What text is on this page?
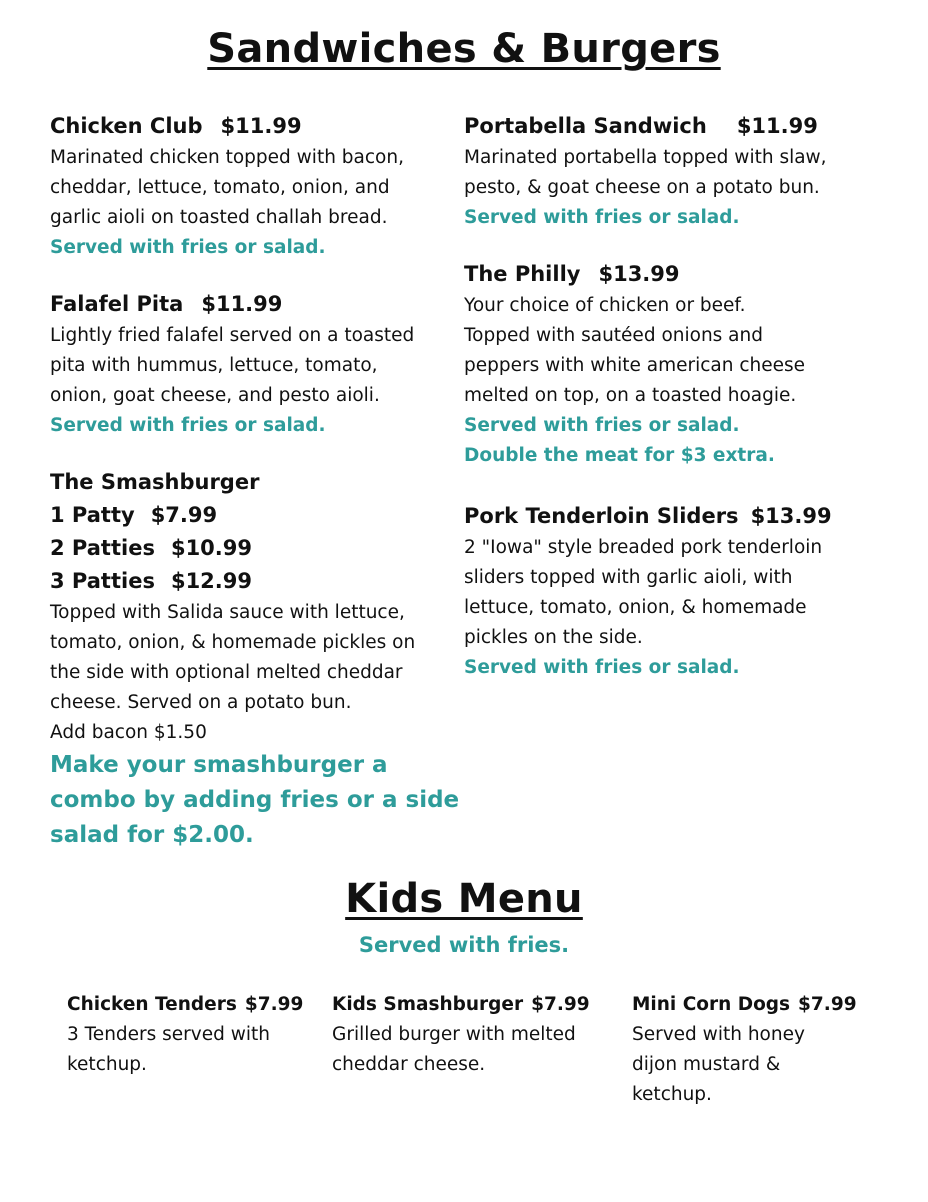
Sandwiches & Burgers
Chicken Club $11.99
Marinated chicken topped with bacon,
cheddar, lettuce, tomato, onion, and
garlic aioli on toasted challah bread.
Served with fries or salad.
Falafel Pita $11.99
Lightly fried falafel served on a toasted
pita with hummus, lettuce, tomato,
onion, goat cheese, and pesto aioli.
Served with fries or salad.
The Smashburger
1 Patty $7.99
2 Patties $10.99
3 Patties $12.99
Topped with Salida sauce with lettuce,
tomato, onion, & homemade pickles on
the side with optional melted cheddar
cheese. Served on a potato bun.
Add bacon $1.50
Make your smashburger a
combo by adding fries or a side
salad for $2.00.
Portabella Sandwich $11.99
Marinated portabella topped with slaw,
pesto, & goat cheese on a potato bun.
Served with fries or salad.
The Philly $13.99
Your choice of chicken or beef.
Topped with sautéed onions and
peppers with white american cheese
melted on top, on a toasted hoagie.
Served with fries or salad.
Double the meat for $3 extra.
Pork Tenderloin Sliders $13.99
2 "Iowa" style breaded pork tenderloin
sliders topped with garlic aioli, with
lettuce, tomato, onion, & homemade
pickles on the side.
Served with fries or salad.
Kids Menu
Served with fries.
Chicken Tenders $7.99
3 Tenders served with
ketchup.
Kids Smashburger $7.99
Grilled burger with melted
cheddar cheese.
Mini Corn Dogs $7.99
Served with honey
dijon mustard &
ketchup.
